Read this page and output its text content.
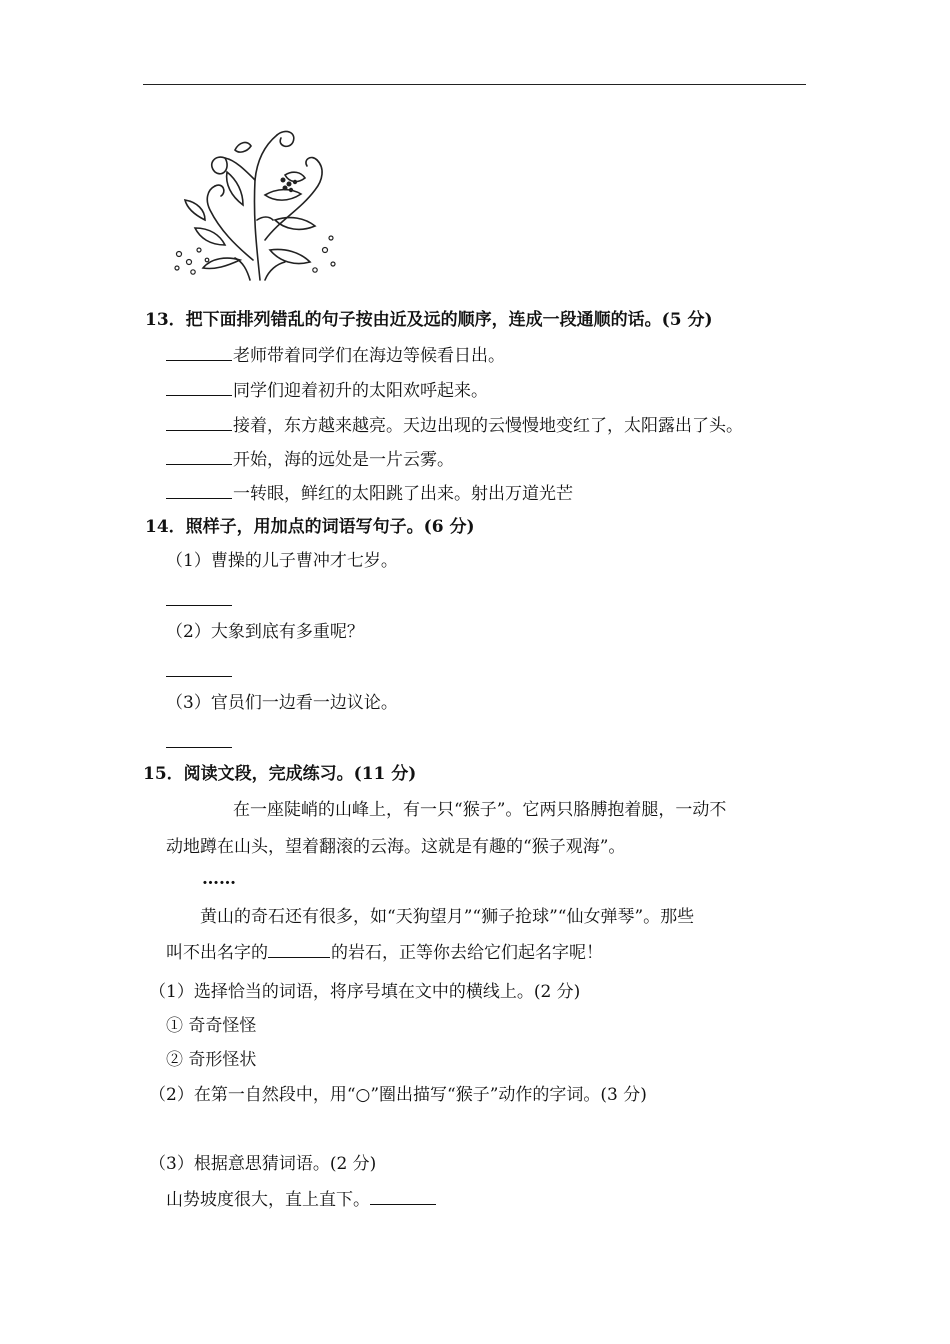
13．把下面排列错乱的句子按由近及远的顺序，连成一段通顺的话。(5 分)
老师带着同学们在海边等候看日出。
同学们迎着初升的太阳欢呼起来。
接着，东方越来越亮。天边出现的云慢慢地变红了，太阳露出了头。
开始，海的远处是一片云雾。
一转眼，鲜红的太阳跳了出来。射出万道光芒
14．照样子，用加点的词语写句子。(6 分)
（1）曹操的儿子曹冲才七岁。
（2）大象到底有多重呢？
（3）官员们一边看一边议论。
15．阅读文段，完成练习。(11 分)
在一座陡峭的山峰上，有一只“猴子”。它两只胳膊抱着腿，一动不
动地蹲在山头，望着翻滚的云海。这就是有趣的“猴子观海”。
……
黄山的奇石还有很多，如“天狗望月”“狮子抢球”“仙女弹琴”。那些
叫不出名字的	的岩石，正等你去给它们起名字呢！
（1）选择恰当的词语，将序号填在文中的横线上。(2 分)
① 奇奇怪怪
② 奇形怪状
（2）在第一自然段中，用“○”圈出描写“猴子”动作的字词。(3 分)
（3）根据意思猜词语。(2 分)
山势坡度很大，直上直下。
